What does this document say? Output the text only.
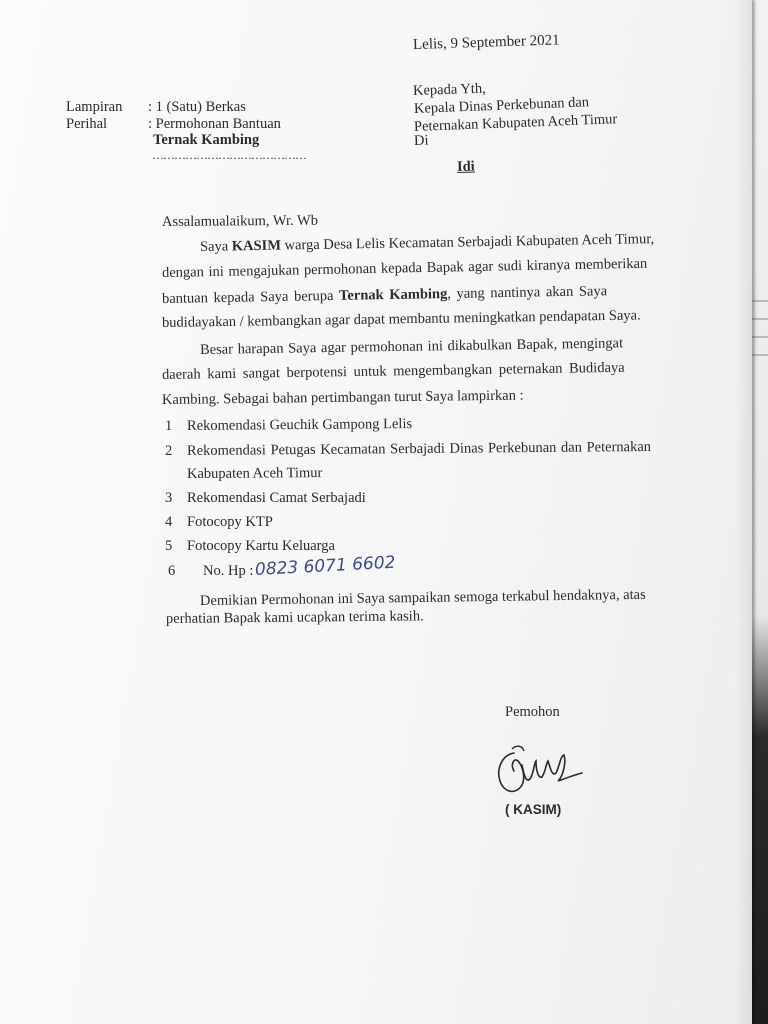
Lelis, 9 September 2021
Kepada Yth,
Kepala Dinas Perkebunan dan
Peternakan Kabupaten Aceh Timur
Di
Idi
Lampiran : 1 (Satu) Berkas
Perihal	: Permohonan Bantuan
Ternak Kambing
……………………………………
Assalamualaikum, Wr. Wb
Saya KASIM warga Desa Lelis Kecamatan Serbajadi Kabupaten Aceh Timur,
dengan ini mengajukan permohonan kepada Bapak agar sudi kiranya memberikan
bantuan kepada Saya berupa Ternak Kambing, yang nantinya akan Saya
budidayakan / kembangkan agar dapat membantu meningkatkan pendapatan Saya.
Besar harapan Saya agar permohonan ini dikabulkan Bapak, mengingat
daerah kami sangat berpotensi untuk mengembangkan peternakan Budidaya
Kambing. Sebagai bahan pertimbangan turut Saya lampirkan :
1 Rekomendasi Geuchik Gampong Lelis
2 Rekomendasi Petugas Kecamatan Serbajadi Dinas Perkebunan dan Peternakan
Kabupaten Aceh Timur
3 Rekomendasi Camat Serbajadi
4 Fotocopy KTP
5 Fotocopy Kartu Keluarga
6 No. Hp : 0823 6071 6602
Demikian Permohonan ini Saya sampaikan semoga terkabul hendaknya, atas
perhatian Bapak kami ucapkan terima kasih.
Pemohon
( KASIM)
